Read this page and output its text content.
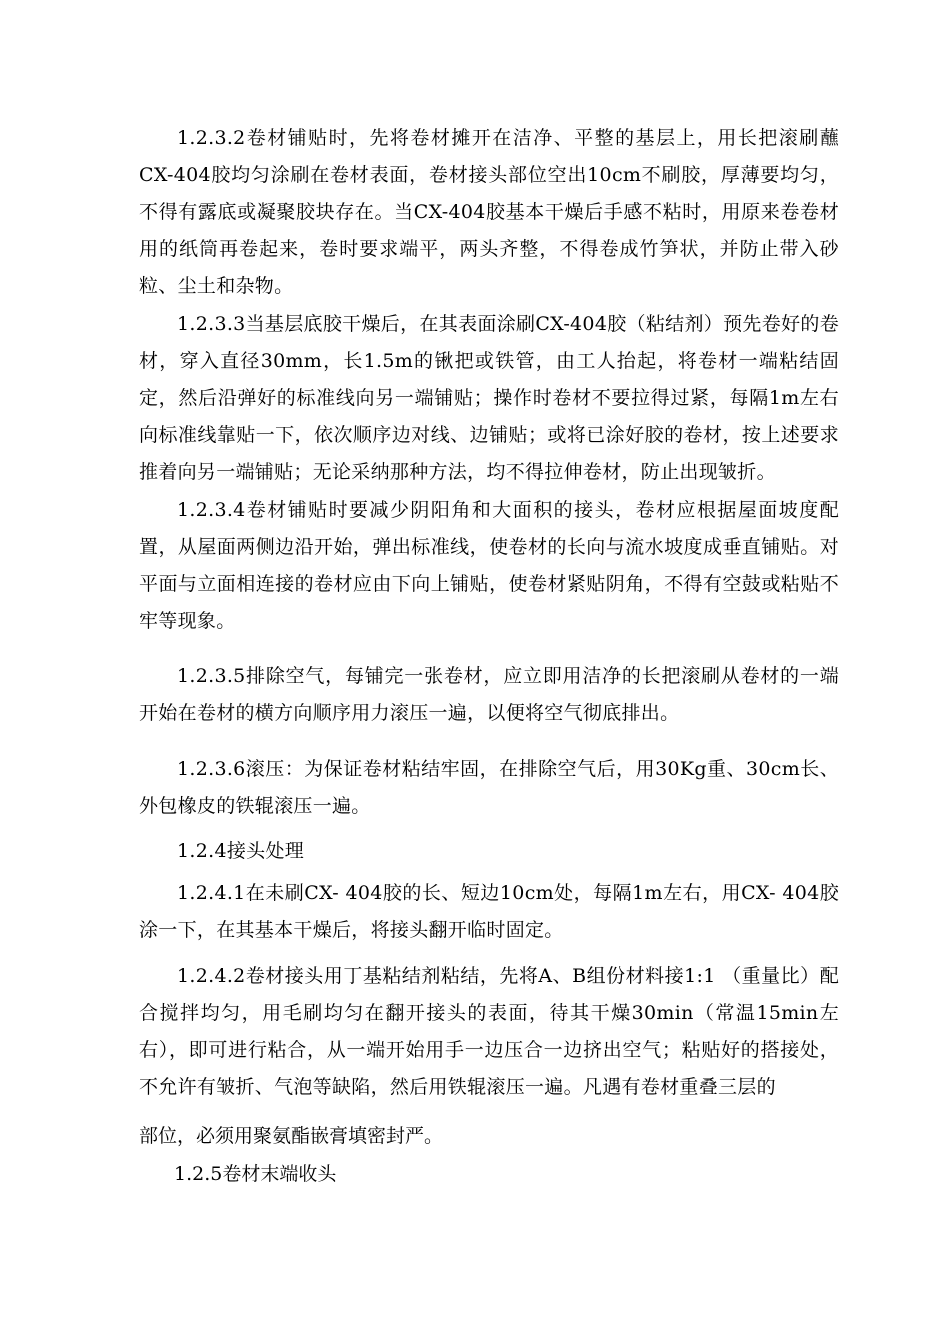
1.2.3.2卷材铺贴时，先将卷材摊开在洁净、平整的基层上，用长把滚刷蘸CX-404胶均匀涂刷在卷材表面，卷材接头部位空出10cm不刷胶，厚薄要均匀，不得有露底或凝聚胶块存在。当CX-404胶基本干燥后手感不粘时，用原来卷卷材用的纸筒再卷起来，卷时要求端平，两头齐整，不得卷成竹笋状，并防止带入砂粒、尘土和杂物。

1.2.3.3当基层底胶干燥后，在其表面涂刷CX-404胶（粘结剂）预先卷好的卷材，穿入直径30mm，长1.5m的锹把或铁管，由工人抬起，将卷材一端粘结固定，然后沿弹好的标准线向另一端铺贴；操作时卷材不要拉得过紧，每隔1m左右向标准线靠贴一下，依次顺序边对线、边铺贴；或将已涂好胶的卷材，按上述要求推着向另一端铺贴；无论采纳那种方法，均不得拉伸卷材，防止出现皱折。

1.2.3.4卷材铺贴时要减少阴阳角和大面积的接头，卷材应根据屋面坡度配置，从屋面两侧边沿开始，弹出标准线，使卷材的长向与流水坡度成垂直铺贴。对平面与立面相连接的卷材应由下向上铺贴，使卷材紧贴阴角，不得有空鼓或粘贴不牢等现象。

1.2.3.5排除空气，每铺完一张卷材，应立即用洁净的长把滚刷从卷材的一端开始在卷材的横方向顺序用力滚压一遍，以便将空气彻底排出。

1.2.3.6滚压：为保证卷材粘结牢固，在排除空气后，用30Kg重、30cm长、外包橡皮的铁辊滚压一遍。

1.2.4接头处理

1.2.4.1在未刷CX- 404胶的长、短边10cm处，每隔1m左右，用CX- 404胶涂一下，在其基本干燥后，将接头翻开临时固定。

1.2.4.2卷材接头用丁基粘结剂粘结，先将A、B组份材料接1:1 （重量比）配合搅拌均匀，用毛刷均匀在翻开接头的表面，待其干燥30min（常温15min左右），即可进行粘合，从一端开始用手一边压合一边挤出空气；粘贴好的搭接处，不允许有皱折、气泡等缺陷，然后用铁辊滚压一遍。凡遇有卷材重叠三层的

部位，必须用聚氨酯嵌膏填密封严。

1.2.5卷材末端收头
